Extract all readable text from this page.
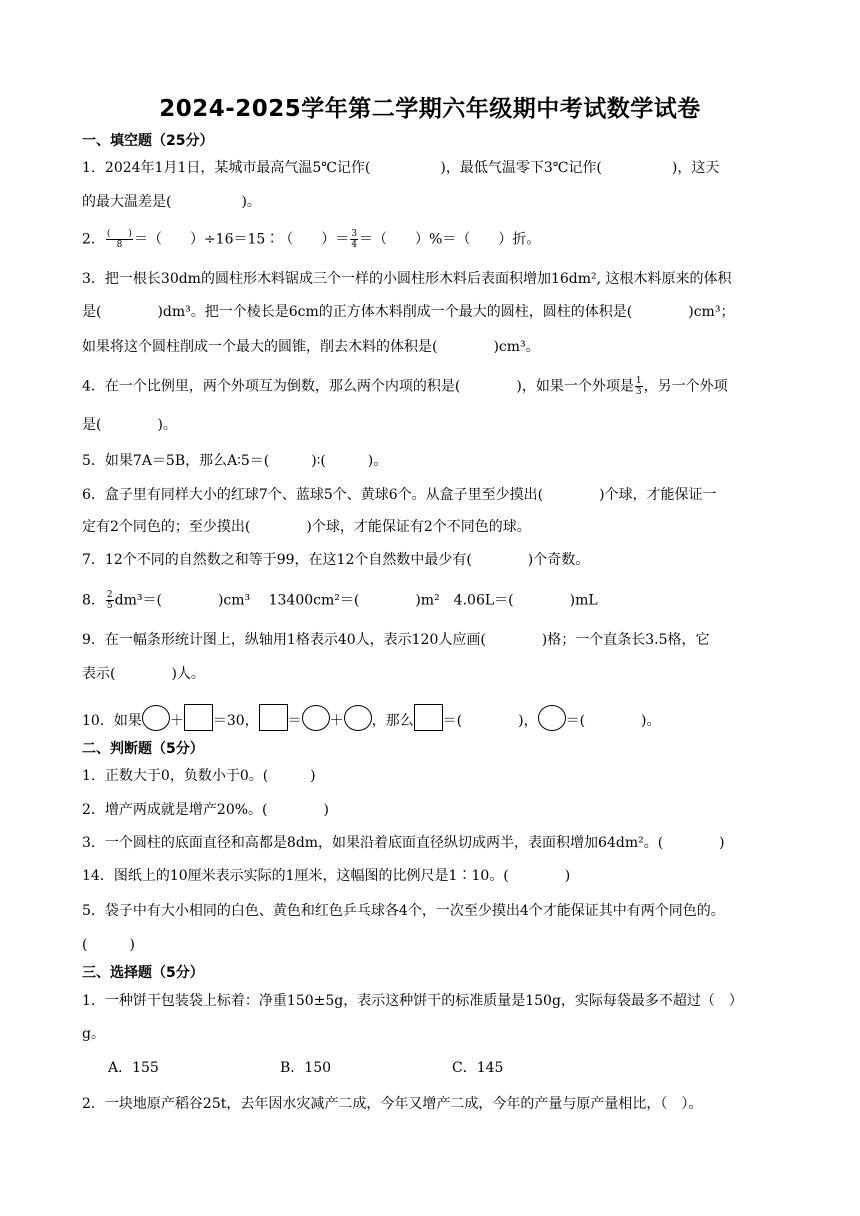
2024-2025学年第二学期六年级期中考试数学试卷
一、填空题（25分）
1．2024年1月1日，某城市最高气温5℃记作(　　　　　)，最低气温零下3℃记作(　　　　　)，这天
的最大温差是(　　　　　)。
2． $\frac{( )}{8}$ ＝（　　）÷16＝15∶（　　）＝ $\frac{3}{4}$ ＝（　　）%＝（　　）折。
3．把一根长30dm的圆柱形木料锯成三个一样的小圆柱形木料后表面积增加16dm², 这根木料原来的体积
是(　　　　)dm³。把一个棱长是6cm的正方体木料削成一个最大的圆柱，圆柱的体积是(　　　　)cm³；
如果将这个圆柱削成一个最大的圆锥，削去木料的体积是(　　　　)cm³。
4．在一个比例里，两个外项互为倒数，那么两个内项的积是(　　　　)，如果一个外项是 $\frac{1}{3}$ ，另一个外项
是(　　　　)。
5．如果7A＝5B，那么A∶5＝(　　　)∶(　　　)。
6．盒子里有同样大小的红球7个、蓝球5个、黄球6个。从盒子里至少摸出(　　　　)个球，才能保证一
定有2个同色的；至少摸出(　　　　)个球，才能保证有2个不同色的球。
7．12个不同的自然数之和等于99，在这12个自然数中最少有(　　　　)个奇数。
8． $\frac{2}{5} dm^3=$(　　　　)cm³　 13400cm²＝(　　　　)m²　4.06L＝(　　　　)mL
9．在一幅条形统计图上，纵轴用1格表示40人，表示120人应画(　　　　)格；一个直条长3.5格，它
表示(　　　　)人。
10．如果 ＋ ＝30， ＝ ＋ ，那么 ＝(　　　　)， ＝(　　　　)。
二、判断题（5分）
1．正数大于0，负数小于0。(　　　)
2．增产两成就是增产20%。(　　　　)
3．一个圆柱的底面直径和高都是8dm，如果沿着底面直径纵切成两半，表面积增加64dm²。(　　　　)
14．图纸上的10厘米表示实际的1厘米，这幅图的比例尺是1∶10。(　　　　)
5．袋子中有大小相同的白色、黄色和红色乒乓球各4个，一次至少摸出4个才能保证其中有两个同色的。
(　　　)
三、选择题（5分）
1．一种饼干包装袋上标着：净重150±5g，表示这种饼干的标准质量是150g，实际每袋最多不超过（　）
g。
A．155	B．150	C．145
2．一块地原产稻谷25t，去年因水灾减产二成，今年又增产二成，今年的产量与原产量相比，（　）。
